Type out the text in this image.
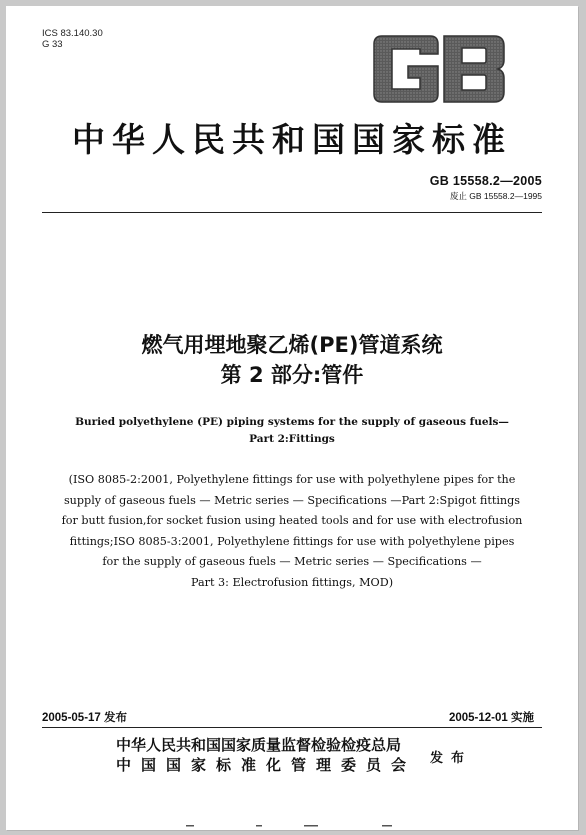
ICS 83.140.30
G 33
中华人民共和国国家标准
GB 15558.2—2005
废止 GB 15558.2—1995
燃气用埋地聚乙烯(PE)管道系统
第 2 部分:管件
Buried polyethylene (PE) piping systems for the supply of gaseous fuels—
Part 2:Fittings
(ISO 8085-2:2001, Polyethylene fittings for use with polyethylene pipes for the
supply of gaseous fuels — Metric series — Specifications —Part 2:Spigot fittings
for butt fusion,for socket fusion using heated tools and for use with electrofusion
fittings;ISO 8085-3:2001, Polyethylene fittings for use with polyethylene pipes
for the supply of gaseous fuels — Metric series — Specifications —
Part 3: Electrofusion fittings, MOD)
2005-05-17 发布	2005-12-01 实施
中华人民共和国国家质量监督检验检疫总局
中国国家标准化管理委员会 发布
